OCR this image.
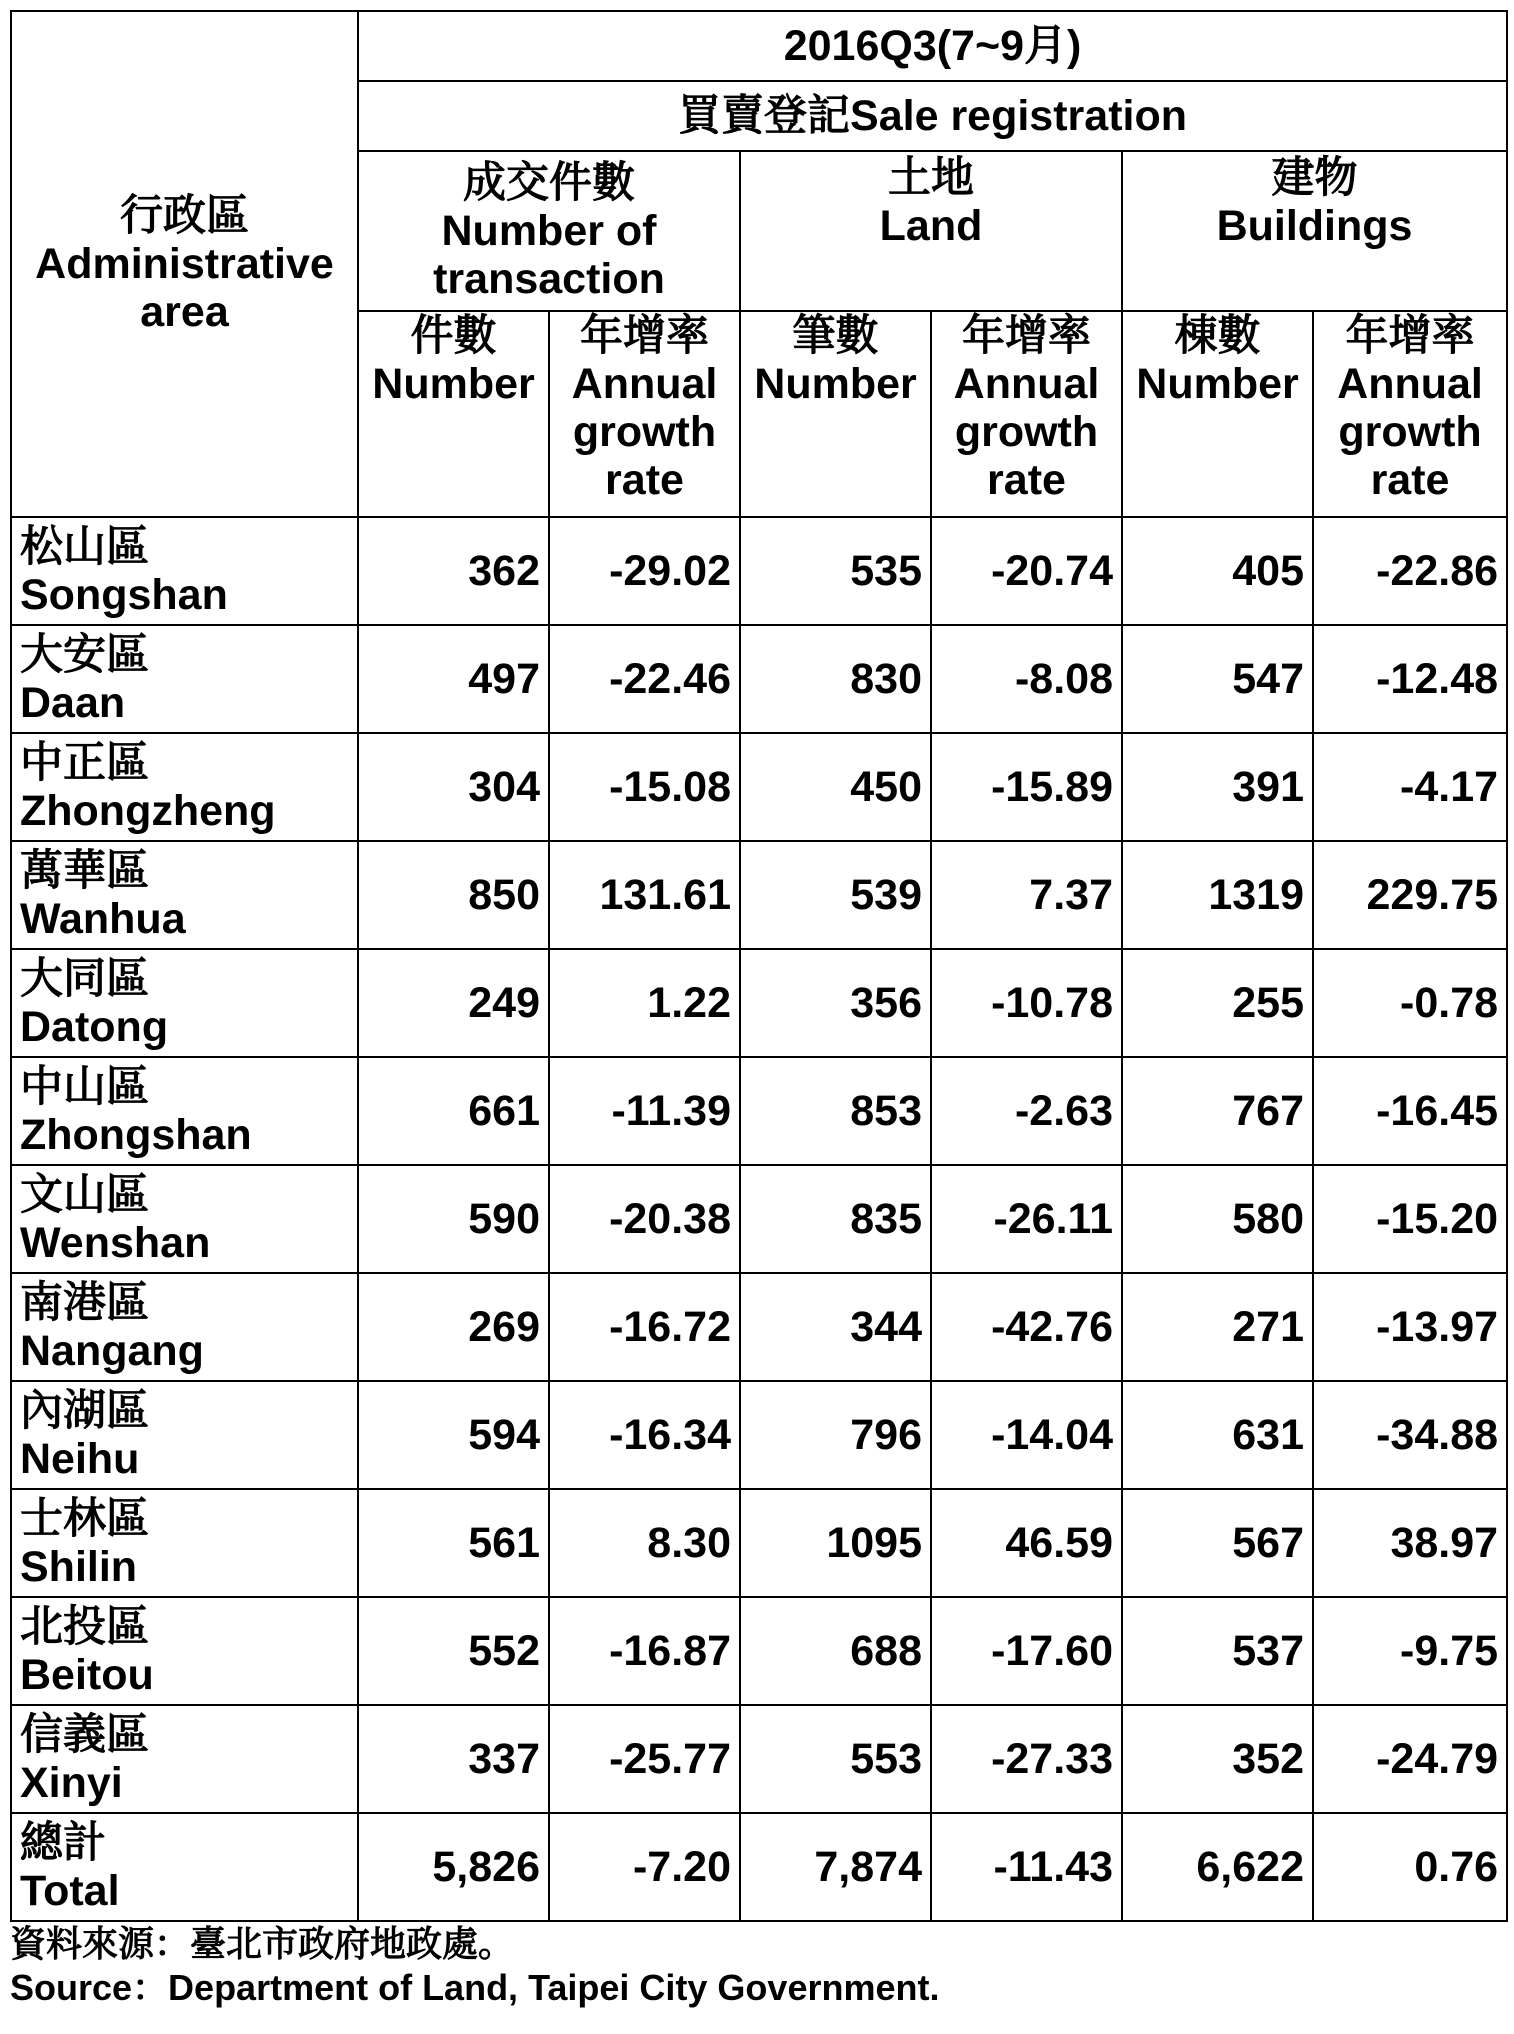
行政區
Administrative
area	2016Q3(7~9月)					
	買賣登記Sale registration					

	成交件數
Number of
transaction		土地
Land		建物
Buildings	

	件數
Number	年增率
Annual
growth
rate	筆數
Number	年增率
Annual
growth
rate	棟數
Number	年增率
Annual
growth
rate

松山區
Songshan	362	-29.02	535	-20.74	405	-22.86

大安區
Daan	497	-22.46	830	-8.08	547	-12.48

中正區
Zhongzheng	304	-15.08	450	-15.89	391	-4.17

萬華區
Wanhua	850	131.61	539	7.37	1319	229.75

大同區
Datong	249	1.22	356	-10.78	255	-0.78

中山區
Zhongshan	661	-11.39	853	-2.63	767	-16.45

文山區
Wenshan	590	-20.38	835	-26.11	580	-15.20

南港區
Nangang	269	-16.72	344	-42.76	271	-13.97

內湖區
Neihu	594	-16.34	796	-14.04	631	-34.88

士林區
Shilin	561	8.30	1095	46.59	567	38.97

北投區
Beitou	552	-16.87	688	-17.60	537	-9.75

信義區
Xinyi	337	-25.77	553	-27.33	352	-24.79

總計
Total	5,826	-7.20	7,874	-11.43	6,622	0.76
資料來源：臺北市政府地政處。
Source：Department of Land, Taipei City Government.
